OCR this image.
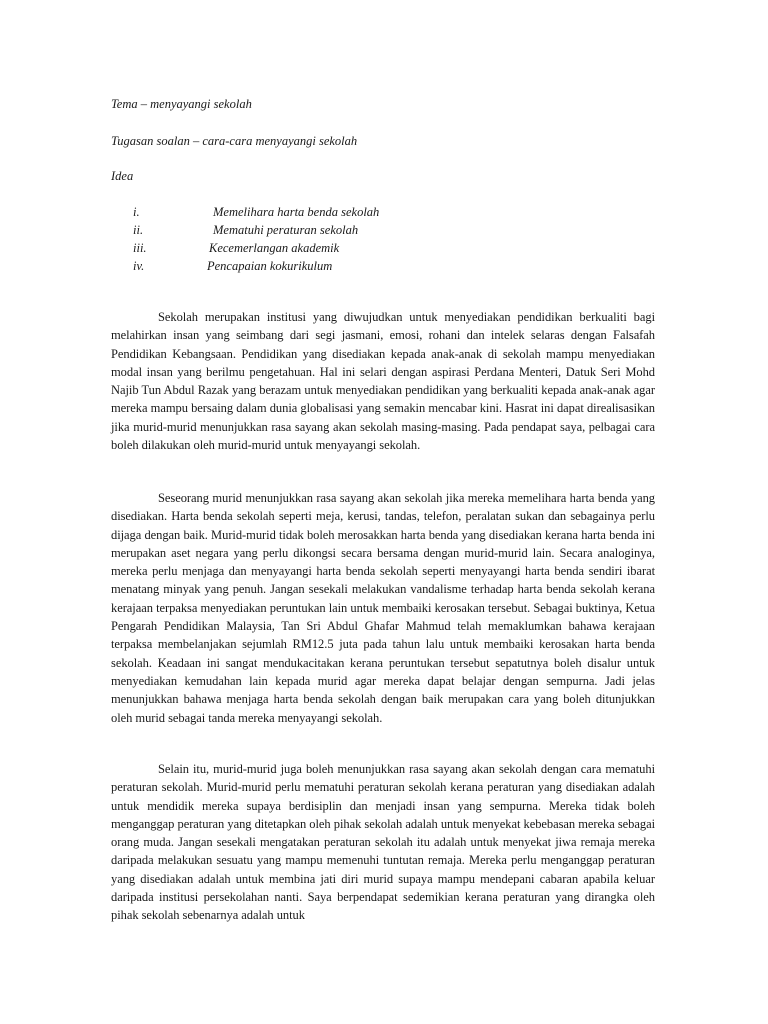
Tema – menyayangi sekolah
Tugasan soalan – cara-cara menyayangi sekolah
Idea
i.	Memelihara harta benda sekolah
ii.	Mematuhi peraturan sekolah
iii.	Kecemerlangan akademik
iv.	Pencapaian kokurikulum

Sekolah merupakan institusi yang diwujudkan untuk menyediakan pendidikan berkualiti bagi melahirkan insan yang seimbang dari segi jasmani, emosi, rohani dan intelek selaras dengan Falsafah Pendidikan Kebangsaan. Pendidikan yang disediakan kepada anak-anak di sekolah mampu menyediakan modal insan yang berilmu pengetahuan. Hal ini selari dengan aspirasi Perdana Menteri, Datuk Seri Mohd Najib Tun Abdul Razak yang berazam untuk menyediakan pendidikan yang berkualiti kepada anak-anak agar mereka mampu bersaing dalam dunia globalisasi yang semakin mencabar kini. Hasrat ini dapat direalisasikan jika murid-murid menunjukkan rasa sayang akan sekolah masing-masing. Pada pendapat saya, pelbagai cara boleh dilakukan oleh murid-murid untuk menyayangi sekolah.

Seseorang murid menunjukkan rasa sayang akan sekolah jika mereka memelihara harta benda yang disediakan. Harta benda sekolah seperti meja, kerusi, tandas, telefon, peralatan sukan dan sebagainya perlu dijaga dengan baik. Murid-murid tidak boleh merosakkan harta benda yang disediakan kerana harta benda ini merupakan aset negara yang perlu dikongsi secara bersama dengan murid-murid lain. Secara analoginya, mereka perlu menjaga dan menyayangi harta benda sekolah seperti menyayangi harta benda sendiri ibarat menatang minyak yang penuh. Jangan sesekali melakukan vandalisme terhadap harta benda sekolah kerana kerajaan terpaksa menyediakan peruntukan lain untuk membaiki kerosakan tersebut. Sebagai buktinya, Ketua Pengarah Pendidikan Malaysia, Tan Sri Abdul Ghafar Mahmud telah memaklumkan bahawa kerajaan terpaksa membelanjakan sejumlah RM12.5 juta pada tahun lalu untuk membaiki kerosakan harta benda sekolah. Keadaan ini sangat mendukacitakan kerana peruntukan tersebut sepatutnya boleh disalur untuk menyediakan kemudahan lain kepada murid agar mereka dapat belajar dengan sempurna. Jadi jelas menunjukkan bahawa menjaga harta benda sekolah dengan baik merupakan cara yang boleh ditunjukkan oleh murid sebagai tanda mereka menyayangi sekolah.

Selain itu, murid-murid juga boleh menunjukkan rasa sayang akan sekolah dengan cara mematuhi peraturan sekolah. Murid-murid perlu mematuhi peraturan sekolah kerana peraturan yang disediakan adalah untuk mendidik mereka supaya berdisiplin dan menjadi insan yang sempurna. Mereka tidak boleh menganggap peraturan yang ditetapkan oleh pihak sekolah adalah untuk menyekat kebebasan mereka sebagai orang muda. Jangan sesekali mengatakan peraturan sekolah itu adalah untuk menyekat jiwa remaja mereka daripada melakukan sesuatu yang mampu memenuhi tuntutan remaja. Mereka perlu menganggap peraturan yang disediakan adalah untuk membina jati diri murid supaya mampu mendepani cabaran apabila keluar daripada institusi persekolahan nanti. Saya berpendapat sedemikian kerana peraturan yang dirangka oleh pihak sekolah sebenarnya adalah untuk
